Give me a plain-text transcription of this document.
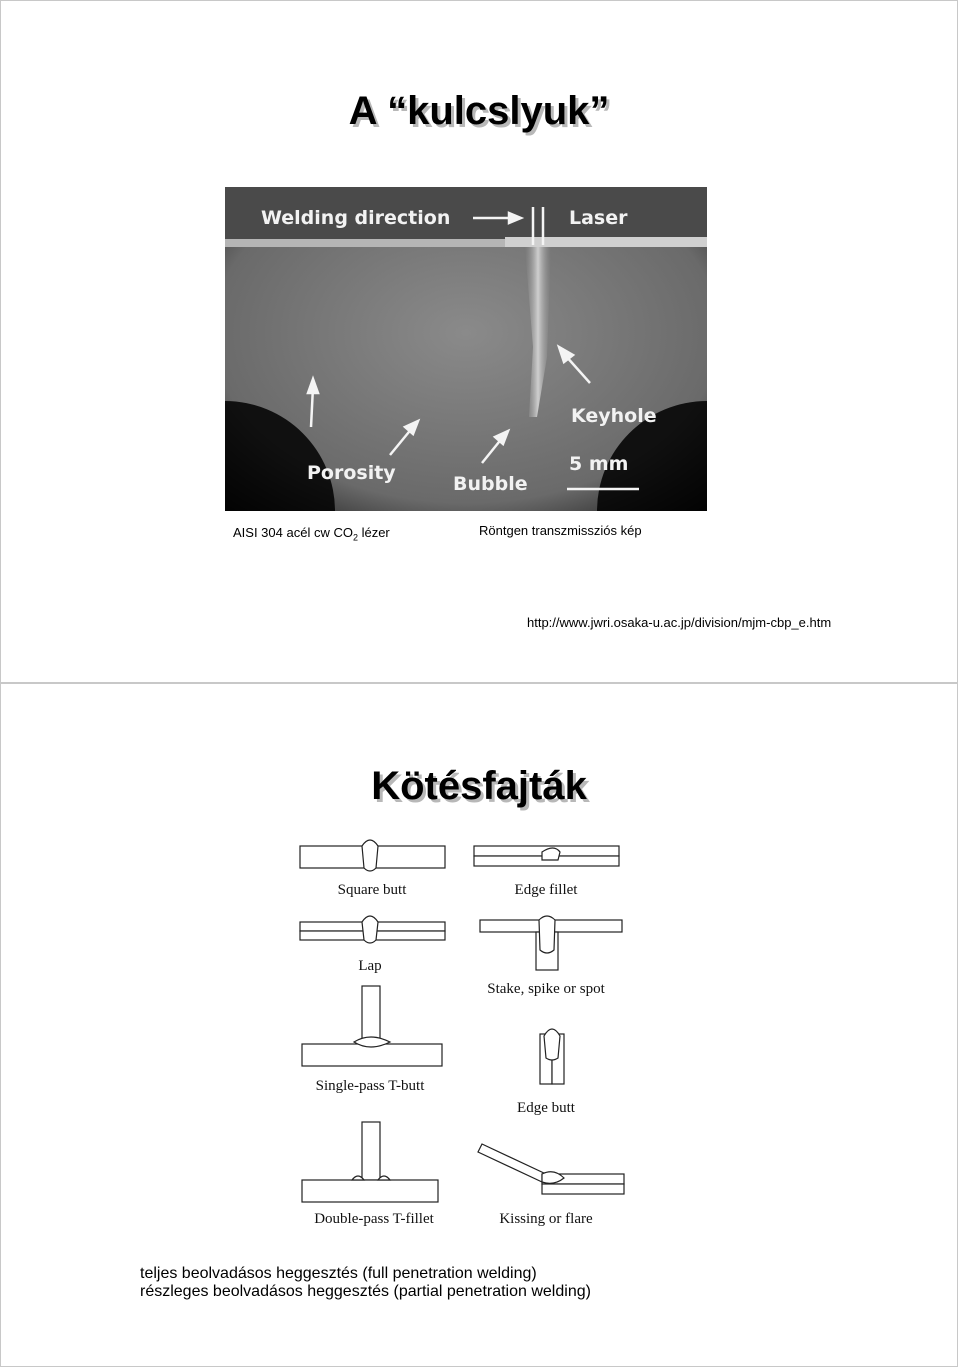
A “kulcslyuk”
Welding direction	Laser
Keyhole
Porosity	Bubble
5 mm
AISI 304 acél cw $CO_2$ lézer	Röntgen transzmissziós kép
http://www.jwri.osaka-u.ac.jp/division/mjm-cbp_e.htm
Kötésfajták
Square butt	Edge fillet
Lap
Stake, spike or spot
Single-pass T-butt
Edge butt
Double-pass T-fillet	Kissing or flare
teljes beolvadásos heggesztés (full penetration welding)
részleges beolvadásos heggesztés (partial penetration welding)
